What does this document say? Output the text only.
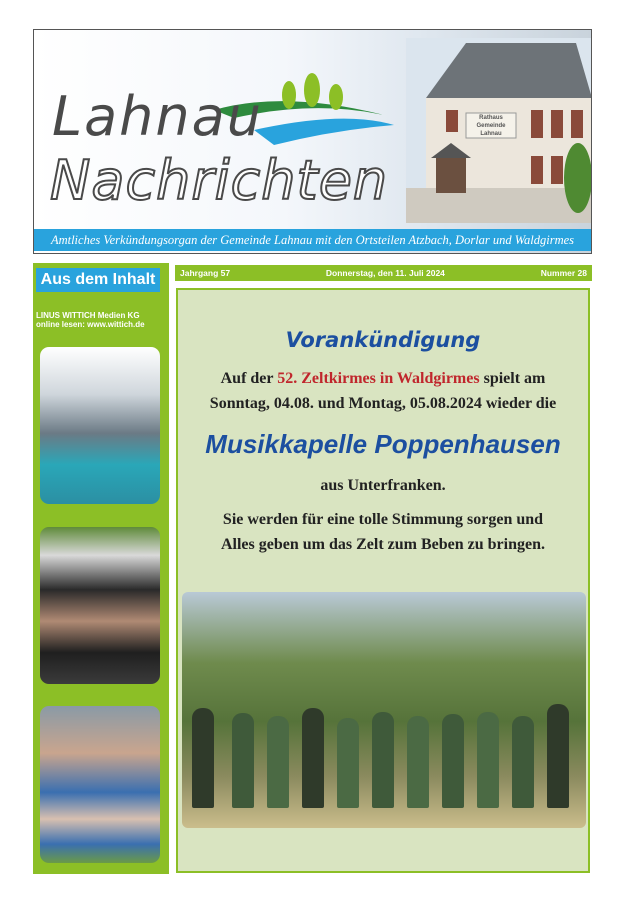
Lahnau
Nachrichten
Rathaus Gemeinde Lahnau
Amtliches Verkündungsorgan der Gemeinde Lahnau mit den Ortsteilen Atzbach, Dorlar und Waldgirmes
Aus dem Inhalt
LINUS WITTICH Medien KG
online lesen: www.wittich.de
Jahrgang 57	Donnerstag, den 11. Juli 2024	Nummer 28
Vorankündigung
Auf der 52. Zeltkirmes in Waldgirmes spielt am
Sonntag, 04.08. und Montag, 05.08.2024 wieder die
Musikkapelle Poppenhausen
aus Unterfranken.
Sie werden für eine tolle Stimmung sorgen und
Alles geben um das Zelt zum Beben zu bringen.
